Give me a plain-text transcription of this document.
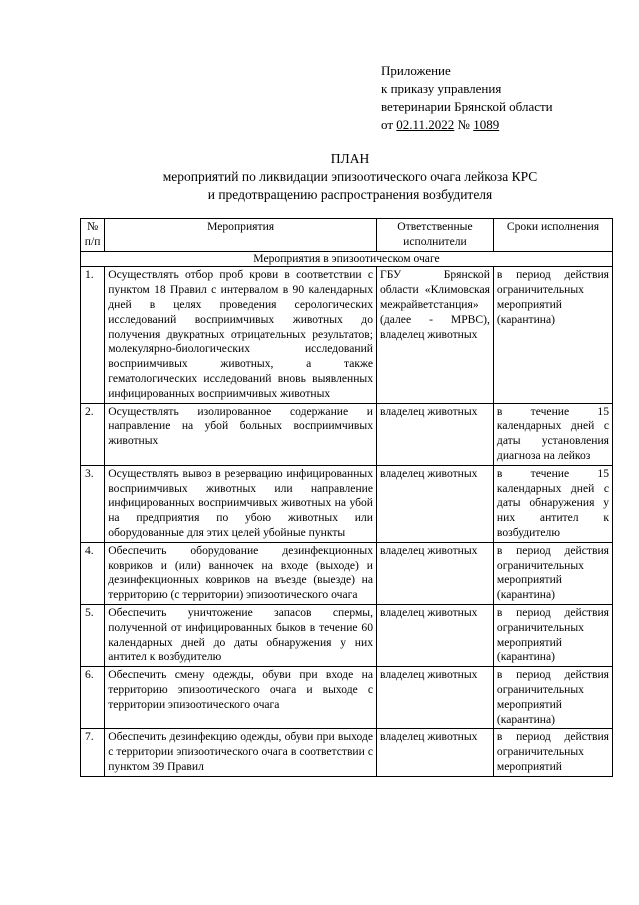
Приложение
к приказу управления
ветеринарии Брянской области
от 02.11.2022 № 1089
ПЛАН
мероприятий по ликвидации эпизоотического очага лейкоза КРС
и предотвращению распространения возбудителя
№ п/п	Мероприятия	Ответственные исполнители	Сроки исполнения
Мероприятия в эпизоотическом очаге			
1.	Осуществлять отбор проб крови в соответствии с пунктом 18 Правил с интервалом в 90 календарных дней в целях проведения серологических исследований восприимчивых животных до получения двукратных отрицательных результатов; молекулярно-биологических исследований восприимчивых животных, а также гематологических исследований вновь выявленных инфицированных восприимчивых животных	ГБУ Брянской области «Климовская межрайветстанция» (далее - МРВС), владелец животных	в период действия ограничительных мероприятий (карантина)
2.	Осуществлять изолированное содержание и направление на убой больных восприимчивых животных	владелец животных	в течение 15 календарных дней с даты установления диагноза на лейкоз
3.	Осуществлять вывоз в резервацию инфицированных восприимчивых животных или направление инфицированных восприимчивых животных на убой на предприятия по убою животных или оборудованные для этих целей убойные пункты	владелец животных	в течение 15 календарных дней с даты обнаружения у них антител к возбудителю
4.	Обеспечить оборудование дезинфекционных ковриков и (или) ванночек на входе (выходе) и дезинфекционных ковриков на въезде (выезде) на территорию (с территории) эпизоотического очага	владелец животных	в период действия ограничительных мероприятий (карантина)
5.	Обеспечить уничтожение запасов спермы, полученной от инфицированных быков в течение 60 календарных дней до даты обнаружения у них антител к возбудителю	владелец животных	в период действия ограничительных мероприятий (карантина)
6.	Обеспечить смену одежды, обуви при входе на территорию эпизоотического очага и выходе с территории эпизоотического очага	владелец животных	в период действия ограничительных мероприятий (карантина)
7.	Обеспечить дезинфекцию одежды, обуви при выходе с территории эпизоотического очага в соответствии с пунктом 39 Правил	владелец животных	в период действия ограничительных мероприятий
